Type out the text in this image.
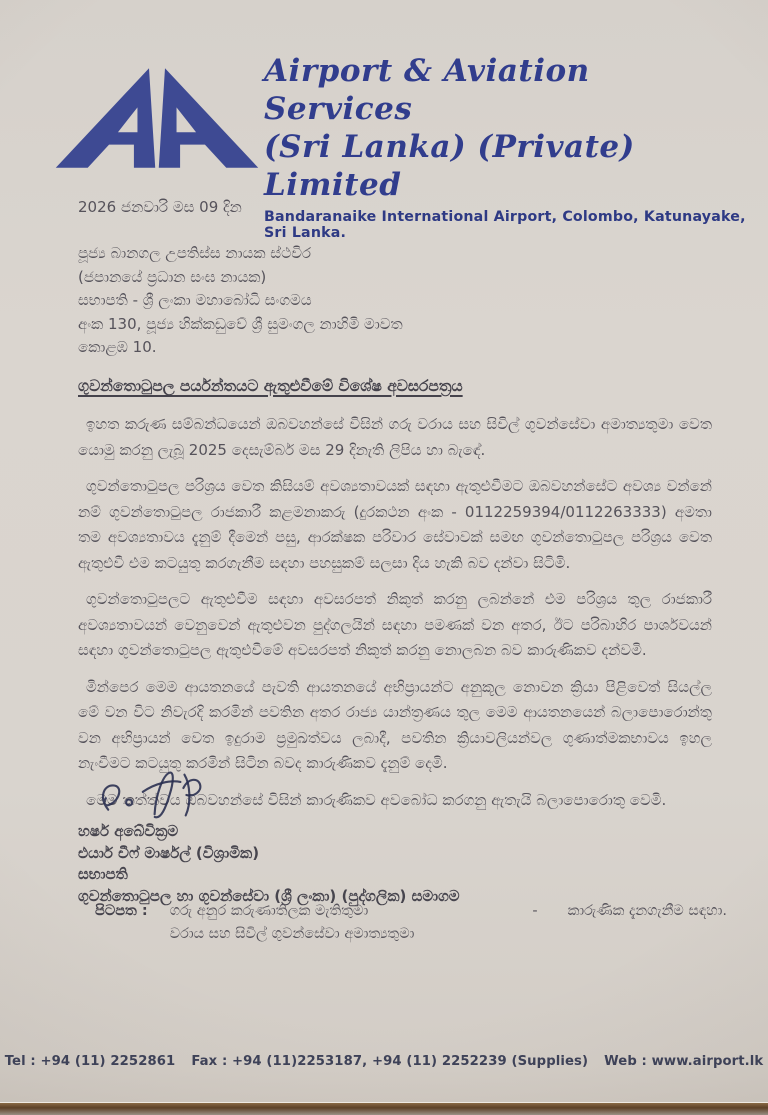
Airport & Aviation Services
(Sri Lanka) (Private) Limited
Bandaranaike International Airport, Colombo, Katunayake, Sri Lanka.
2026 ජනවාරි මස 09 දින
පූජ්‍ය බානගල උපතිස්ස නායක ස්ථවිර
(ජපානයේ ප්‍රධාන සංඝ නායක)
සභාපති - ශ්‍රී ලංකා මහාබෝධි සංගමය
අංක 130, පූජ්‍ය හික්කඩුවේ ශ්‍රී සුමංගල නාහිමි මාවත
කොළඹ 10.
ගුවන්තොටුපල පර්යන්තයට ඇතුළුවීමේ විශේෂ අවසරපත්‍රය

ඉහත කරුණ සම්බන්ධයෙන් ඔබවහන්සේ විසින් ගරු වරාය සහ සිවිල් ගුවන්සේවා අමාත්‍යතුමා වෙත යොමු කරනු ලැබූ 2025 දෙසැම්බර් මස 29 දිනැති ලිපිය හා බැඳේ.

ගුවන්තොටුපල පරිශ්‍රය වෙත කිසියම් අවශ්‍යතාවයක් සඳහා ඇතුළුවීමට ඔබවහන්සේට අවශ්‍ය වන්නේ නම් ගුවන්තොටුපල රාජකාරී කළමනාකරු (දුරකථන අංක - 0112259394/0112263333) අමතා තම අවශ්‍යතාවය දැනුම් දීමෙන් පසු, ආරක්ෂක පරිවාර සේවාවක් සමඟ ගුවන්තොටුපල පරිශ්‍රය වෙත ඇතුළුවී එම කටයුතු කරගැනීම සඳහා පහසුකම් සලසා දිය හැකි බව දන්වා සිටිමි.

ගුවන්තොටුපලට ඇතුළුවීම සඳහා අවසරපත් නිකුත් කරනු ලබන්නේ එම පරිශ්‍රය තුල රාජකාරී අවශ්‍යතාවයන් වෙනුවෙන් ඇතුළුවන පුද්ගලයින් සඳහා පමණක් වන අතර, ඊට පරිබාහිර පාර්ශවයන් සඳහා ගුවන්තොටුපල ඇතුළුවීමේ අවසරපත් නිකුත් කරනු නොලබන බව කාරුණිකව දන්වමි.

මින්පෙර මෙම ආයතනයේ පැවති ආයතනයේ අභිප්‍රායන්ට අනුකූල නොවන ක්‍රියා පිළිවෙත් සියල්ල මේ වන විට නිවැරදි කරමින් පවතින අතර රාජ්‍ය යාන්ත්‍රණය තුල මෙම ආයතනයෙන් බලාපොරොන්තු වන අභිප්‍රායන් වෙත ඉදුරාම ප්‍රමුඛත්වය ලබාදී, පවතින ක්‍රියාවලියන්වල ගුණාත්මකභාවය ඉහල නැංවීමට කටයුතු කරමින් සිටින බවද කාරුණිකව දැනුම් දෙමි.

මෙම තත්ත්වය ඔබවහන්සේ විසින් කාරුණිකව අවබෝධ කරගනු ඇතැයි බලාපොරොතු වෙමි.

හර්ෂ අබේවික්‍රම
එයාර් චීෆ් මාර්ෂල් (විශ්‍රාමික)
සභාපති
ගුවන්තොටුපල හා ගුවන්සේවා (ශ්‍රී ලංකා) (පුද්ගලික) සමාගම
පිටපත : ගරු අනුර කරුණාතිලක මැතිතුමා
වරාය සහ සිවිල් ගුවන්සේවා අමාත්‍යතුමා
- කාරුණික දැනගැනීම සඳහා.
Tel : +94 (11) 2252861 Fax : +94 (11)2253187, +94 (11) 2252239 (Supplies) Web : www.airport.lk
